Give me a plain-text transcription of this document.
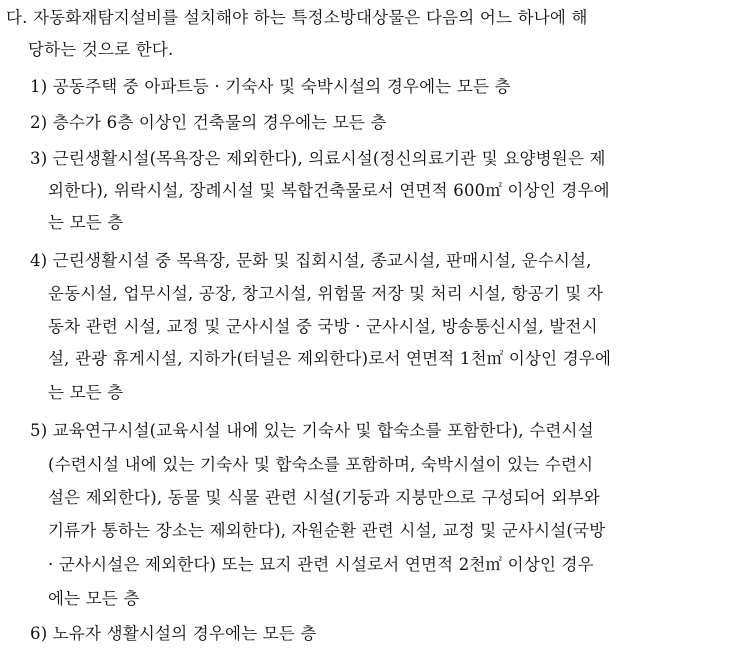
다. 자동화재탐지설비를 설치해야 하는 특정소방대상물은 다음의 어느 하나에 해
당하는 것으로 한다.
1) 공동주택 중 아파트등 · 기숙사 및 숙박시설의 경우에는 모든 층
2) 층수가 6층 이상인 건축물의 경우에는 모든 층
3) 근린생활시설(목욕장은 제외한다), 의료시설(정신의료기관 및 요양병원은 제
외한다), 위락시설, 장례시설 및 복합건축물로서 연면적 600㎡ 이상인 경우에
는 모든 층
4) 근린생활시설 중 목욕장, 문화 및 집회시설, 종교시설, 판매시설, 운수시설,
운동시설, 업무시설, 공장, 창고시설, 위험물 저장 및 처리 시설, 항공기 및 자
동차 관련 시설, 교정 및 군사시설 중 국방 · 군사시설, 방송통신시설, 발전시
설, 관광 휴게시설, 지하가(터널은 제외한다)로서 연면적 1천㎡ 이상인 경우에
는 모든 층
5) 교육연구시설(교육시설 내에 있는 기숙사 및 합숙소를 포함한다), 수련시설
(수련시설 내에 있는 기숙사 및 합숙소를 포함하며, 숙박시설이 있는 수련시
설은 제외한다), 동물 및 식물 관련 시설(기둥과 지붕만으로 구성되어 외부와
기류가 통하는 장소는 제외한다), 자원순환 관련 시설, 교정 및 군사시설(국방
· 군사시설은 제외한다) 또는 묘지 관련 시설로서 연면적 2천㎡ 이상인 경우
에는 모든 층
6) 노유자 생활시설의 경우에는 모든 층
